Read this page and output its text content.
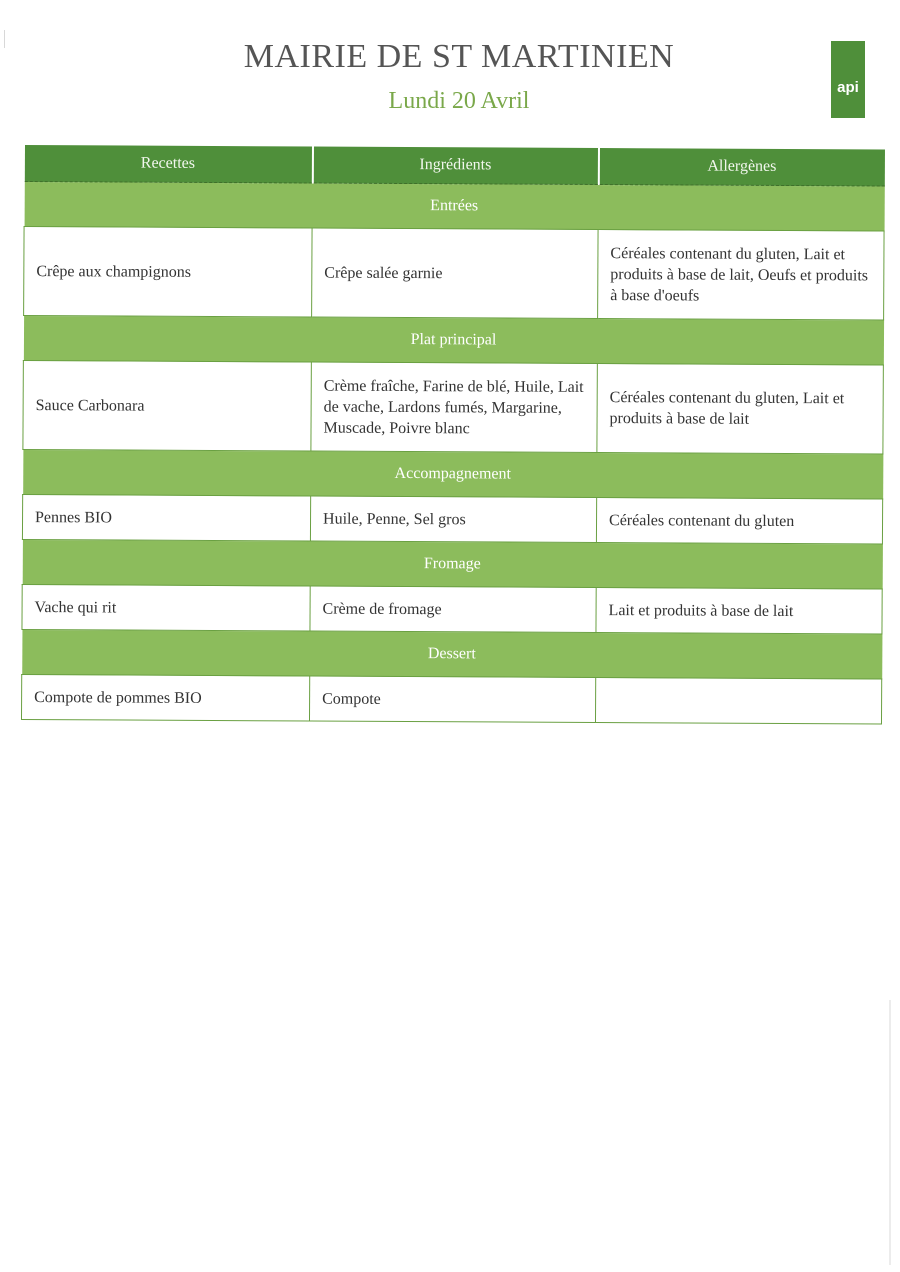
MAIRIE DE ST MARTINIEN
Lundi 20 Avril
api
Recettes	Ingrédients	Allergènes
Entrées		
Crêpe aux champignons	Crêpe salée garnie	Céréales contenant du gluten, Lait et produits à base de lait, Oeufs et produits à base d'oeufs
Plat principal		
Sauce Carbonara	Crème fraîche, Farine de blé, Huile, Lait de vache, Lardons fumés, Margarine, Muscade, Poivre blanc	Céréales contenant du gluten, Lait et produits à base de lait
Accompagnement		
Pennes BIO	Huile, Penne, Sel gros	Céréales contenant du gluten
Fromage		
Vache qui rit	Crème de fromage	Lait et produits à base de lait
Dessert		
Compote de pommes BIO	Compote	
